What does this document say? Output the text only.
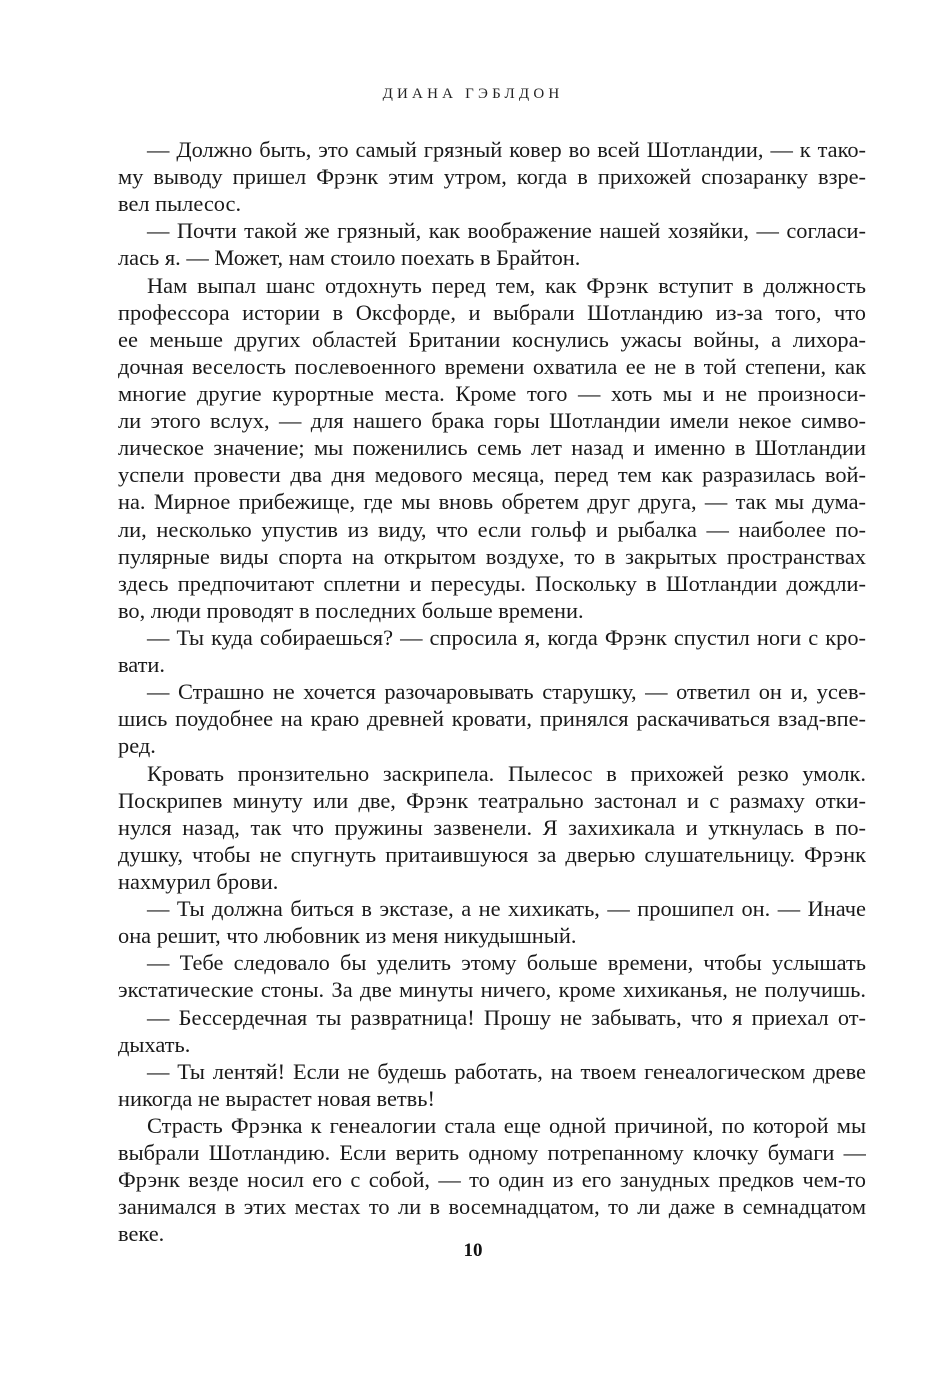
ДИАНА ГЭБЛДОН
— Должно быть, это самый грязный ковер во всей Шотландии, — к тако-
му выводу пришел Фрэнк этим утром, когда в прихожей спозаранку взре-
вел пылесос.
— Почти такой же грязный, как воображение нашей хозяйки, — согласи-
лась я. — Может, нам стоило поехать в Брайтон.
Нам выпал шанс отдохнуть перед тем, как Фрэнк вступит в должность
профессора истории в Оксфорде, и выбрали Шотландию из-за того, что
ее меньше других областей Британии коснулись ужасы войны, а лихора-
дочная веселость послевоенного времени охватила ее не в той степени, как
многие другие курортные места. Кроме того — хоть мы и не произноси-
ли этого вслух, — для нашего брака горы Шотландии имели некое симво-
лическое значение; мы поженились семь лет назад и именно в Шотландии
успели провести два дня медового месяца, перед тем как разразилась вой-
на. Мирное прибежище, где мы вновь обретем друг друга, — так мы дума-
ли, несколько упустив из виду, что если гольф и рыбалка — наиболее по-
пулярные виды спорта на открытом воздухе, то в закрытых пространствах
здесь предпочитают сплетни и пересуды. Поскольку в Шотландии дождли-
во, люди проводят в последних больше времени.
— Ты куда собираешься? — спросила я, когда Фрэнк спустил ноги с кро-
вати.
— Страшно не хочется разочаровывать старушку, — ответил он и, усев-
шись поудобнее на краю древней кровати, принялся раскачиваться взад-впе-
ред.
Кровать пронзительно заскрипела. Пылесос в прихожей резко умолк.
Поскрипев минуту или две, Фрэнк театрально застонал и с размаху отки-
нулся назад, так что пружины зазвенели. Я захихикала и уткнулась в по-
душку, чтобы не спугнуть притаившуюся за дверью слушательницу. Фрэнк
нахмурил брови.
— Ты должна биться в экстазе, а не хихикать, — прошипел он. — Иначе
она решит, что любовник из меня никудышный.
— Тебе следовало бы уделить этому больше времени, чтобы услышать
экстатические стоны. За две минуты ничего, кроме хихиканья, не получишь.
— Бессердечная ты развратница! Прошу не забывать, что я приехал от-
дыхать.
— Ты лентяй! Если не будешь работать, на твоем генеалогическом древе
никогда не вырастет новая ветвь!
Страсть Фрэнка к генеалогии стала еще одной причиной, по которой мы
выбрали Шотландию. Если верить одному потрепанному клочку бумаги —
Фрэнк везде носил его с собой, — то один из его занудных предков чем-то
занимался в этих местах то ли в восемнадцатом, то ли даже в семнадцатом
веке.
10
